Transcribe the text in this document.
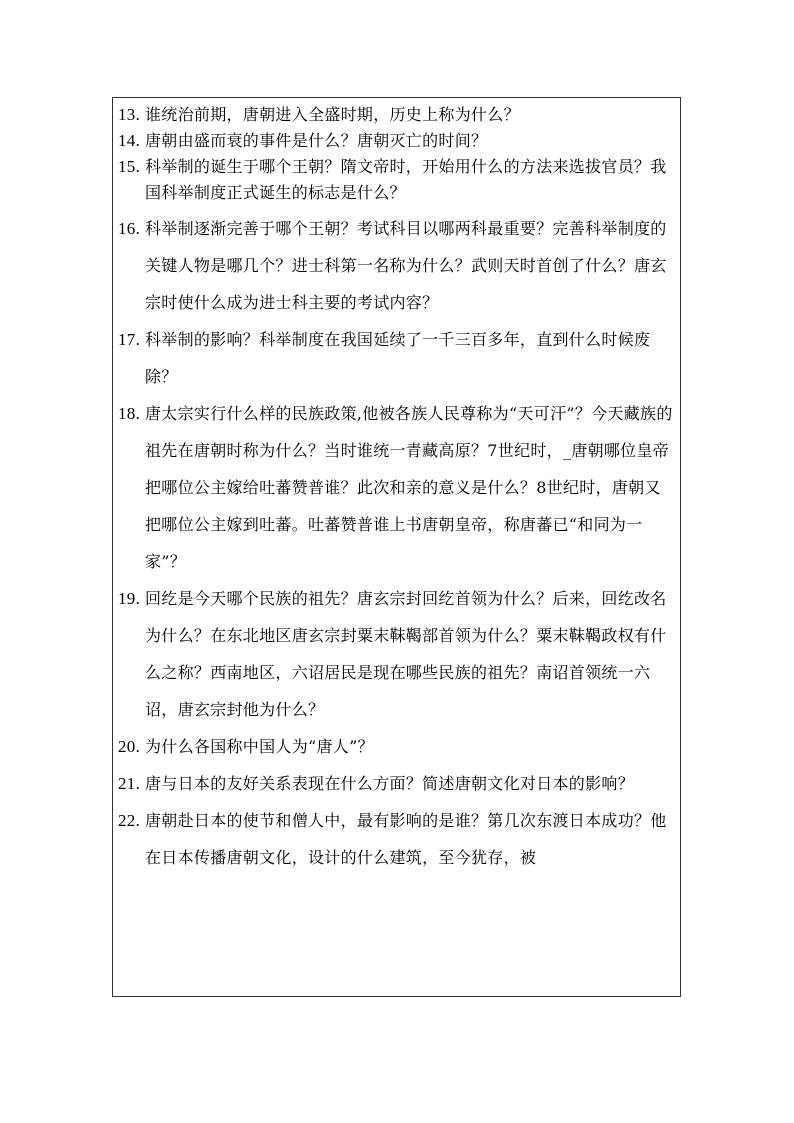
13. 谁统治前期，唐朝进入全盛时期，历史上称为什么？
14. 唐朝由盛而衰的事件是什么？唐朝灭亡的时间？
15. 科举制的诞生于哪个王朝？隋文帝时，开始用什么的方法来选拔官员？我国科举制度正式诞生的标志是什么？
16. 科举制逐渐完善于哪个王朝？考试科目以哪两科最重要？完善科举制度的关键人物是哪几个？进士科第一名称为什么？武则天时首创了什么？唐玄宗时使什么成为进士科主要的考试内容？
17. 科举制的影响？科举制度在我国延续了一千三百多年，直到什么时候废除？
18. 唐太宗实行什么样的民族政策,他被各族人民尊称为“天可汗”？今天藏族的祖先在唐朝时称为什么？当时谁统一青藏高原？7世纪时，_唐朝哪位皇帝把哪位公主嫁给吐蕃赞普谁？此次和亲的意义是什么？8世纪时，唐朝又把哪位公主嫁到吐蕃。吐蕃赞普谁上书唐朝皇帝，称唐蕃已“和同为一家”？
19. 回纥是今天哪个民族的祖先？唐玄宗封回纥首领为什么？后来，回纥改名为什么？在东北地区唐玄宗封粟末靺鞨部首领为什么？粟末靺鞨政权有什么之称？西南地区，六诏居民是现在哪些民族的祖先？南诏首领统一六诏，唐玄宗封他为什么？
20. 为什么各国称中国人为“唐人”？
21. 唐与日本的友好关系表现在什么方面？简述唐朝文化对日本的影响？
22. 唐朝赴日本的使节和僧人中，最有影响的是谁？第几次东渡日本成功？他在日本传播唐朝文化，设计的什么建筑，至今犹存，被
